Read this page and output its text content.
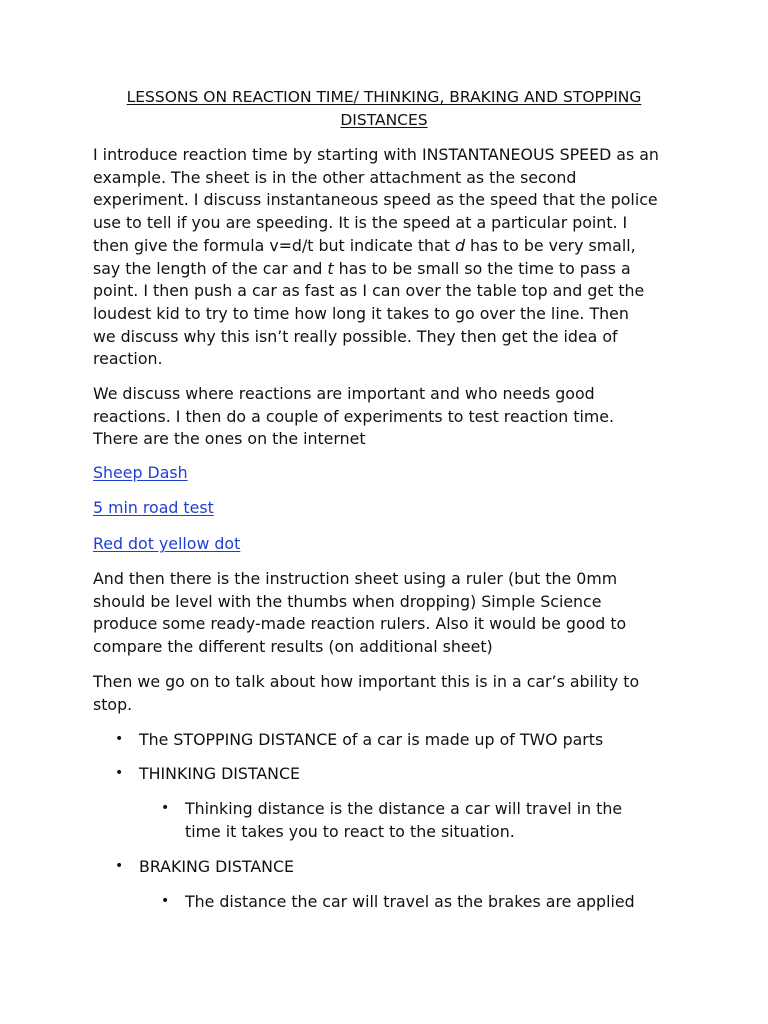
LESSONS ON REACTION TIME/ THINKING, BRAKING AND STOPPING
DISTANCES
I introduce reaction time by starting with INSTANTANEOUS SPEED as an
example. The sheet is in the other attachment as the second
experiment. I discuss instantaneous speed as the speed that the police
use to tell if you are speeding. It is the speed at a particular point. I
then give the formula v=d/t but indicate that d has to be very small,
say the length of the car and t has to be small so the time to pass a
point. I then push a car as fast as I can over the table top and get the
loudest kid to try to time how long it takes to go over the line. Then
we discuss why this isn’t really possible. They then get the idea of
reaction.
We discuss where reactions are important and who needs good
reactions. I then do a couple of experiments to test reaction time.
There are the ones on the internet
Sheep Dash
5 min road test
Red dot yellow dot
And then there is the instruction sheet using a ruler (but the 0mm
should be level with the thumbs when dropping) Simple Science
produce some ready-made reaction rulers. Also it would be good to
compare the different results (on additional sheet)
Then we go on to talk about how important this is in a car’s ability to
stop.
• The STOPPING DISTANCE of a car is made up of TWO parts
• THINKING DISTANCE
• Thinking distance is the distance a car will travel in the
time it takes you to react to the situation.
• BRAKING DISTANCE
• The distance the car will travel as the brakes are applied
